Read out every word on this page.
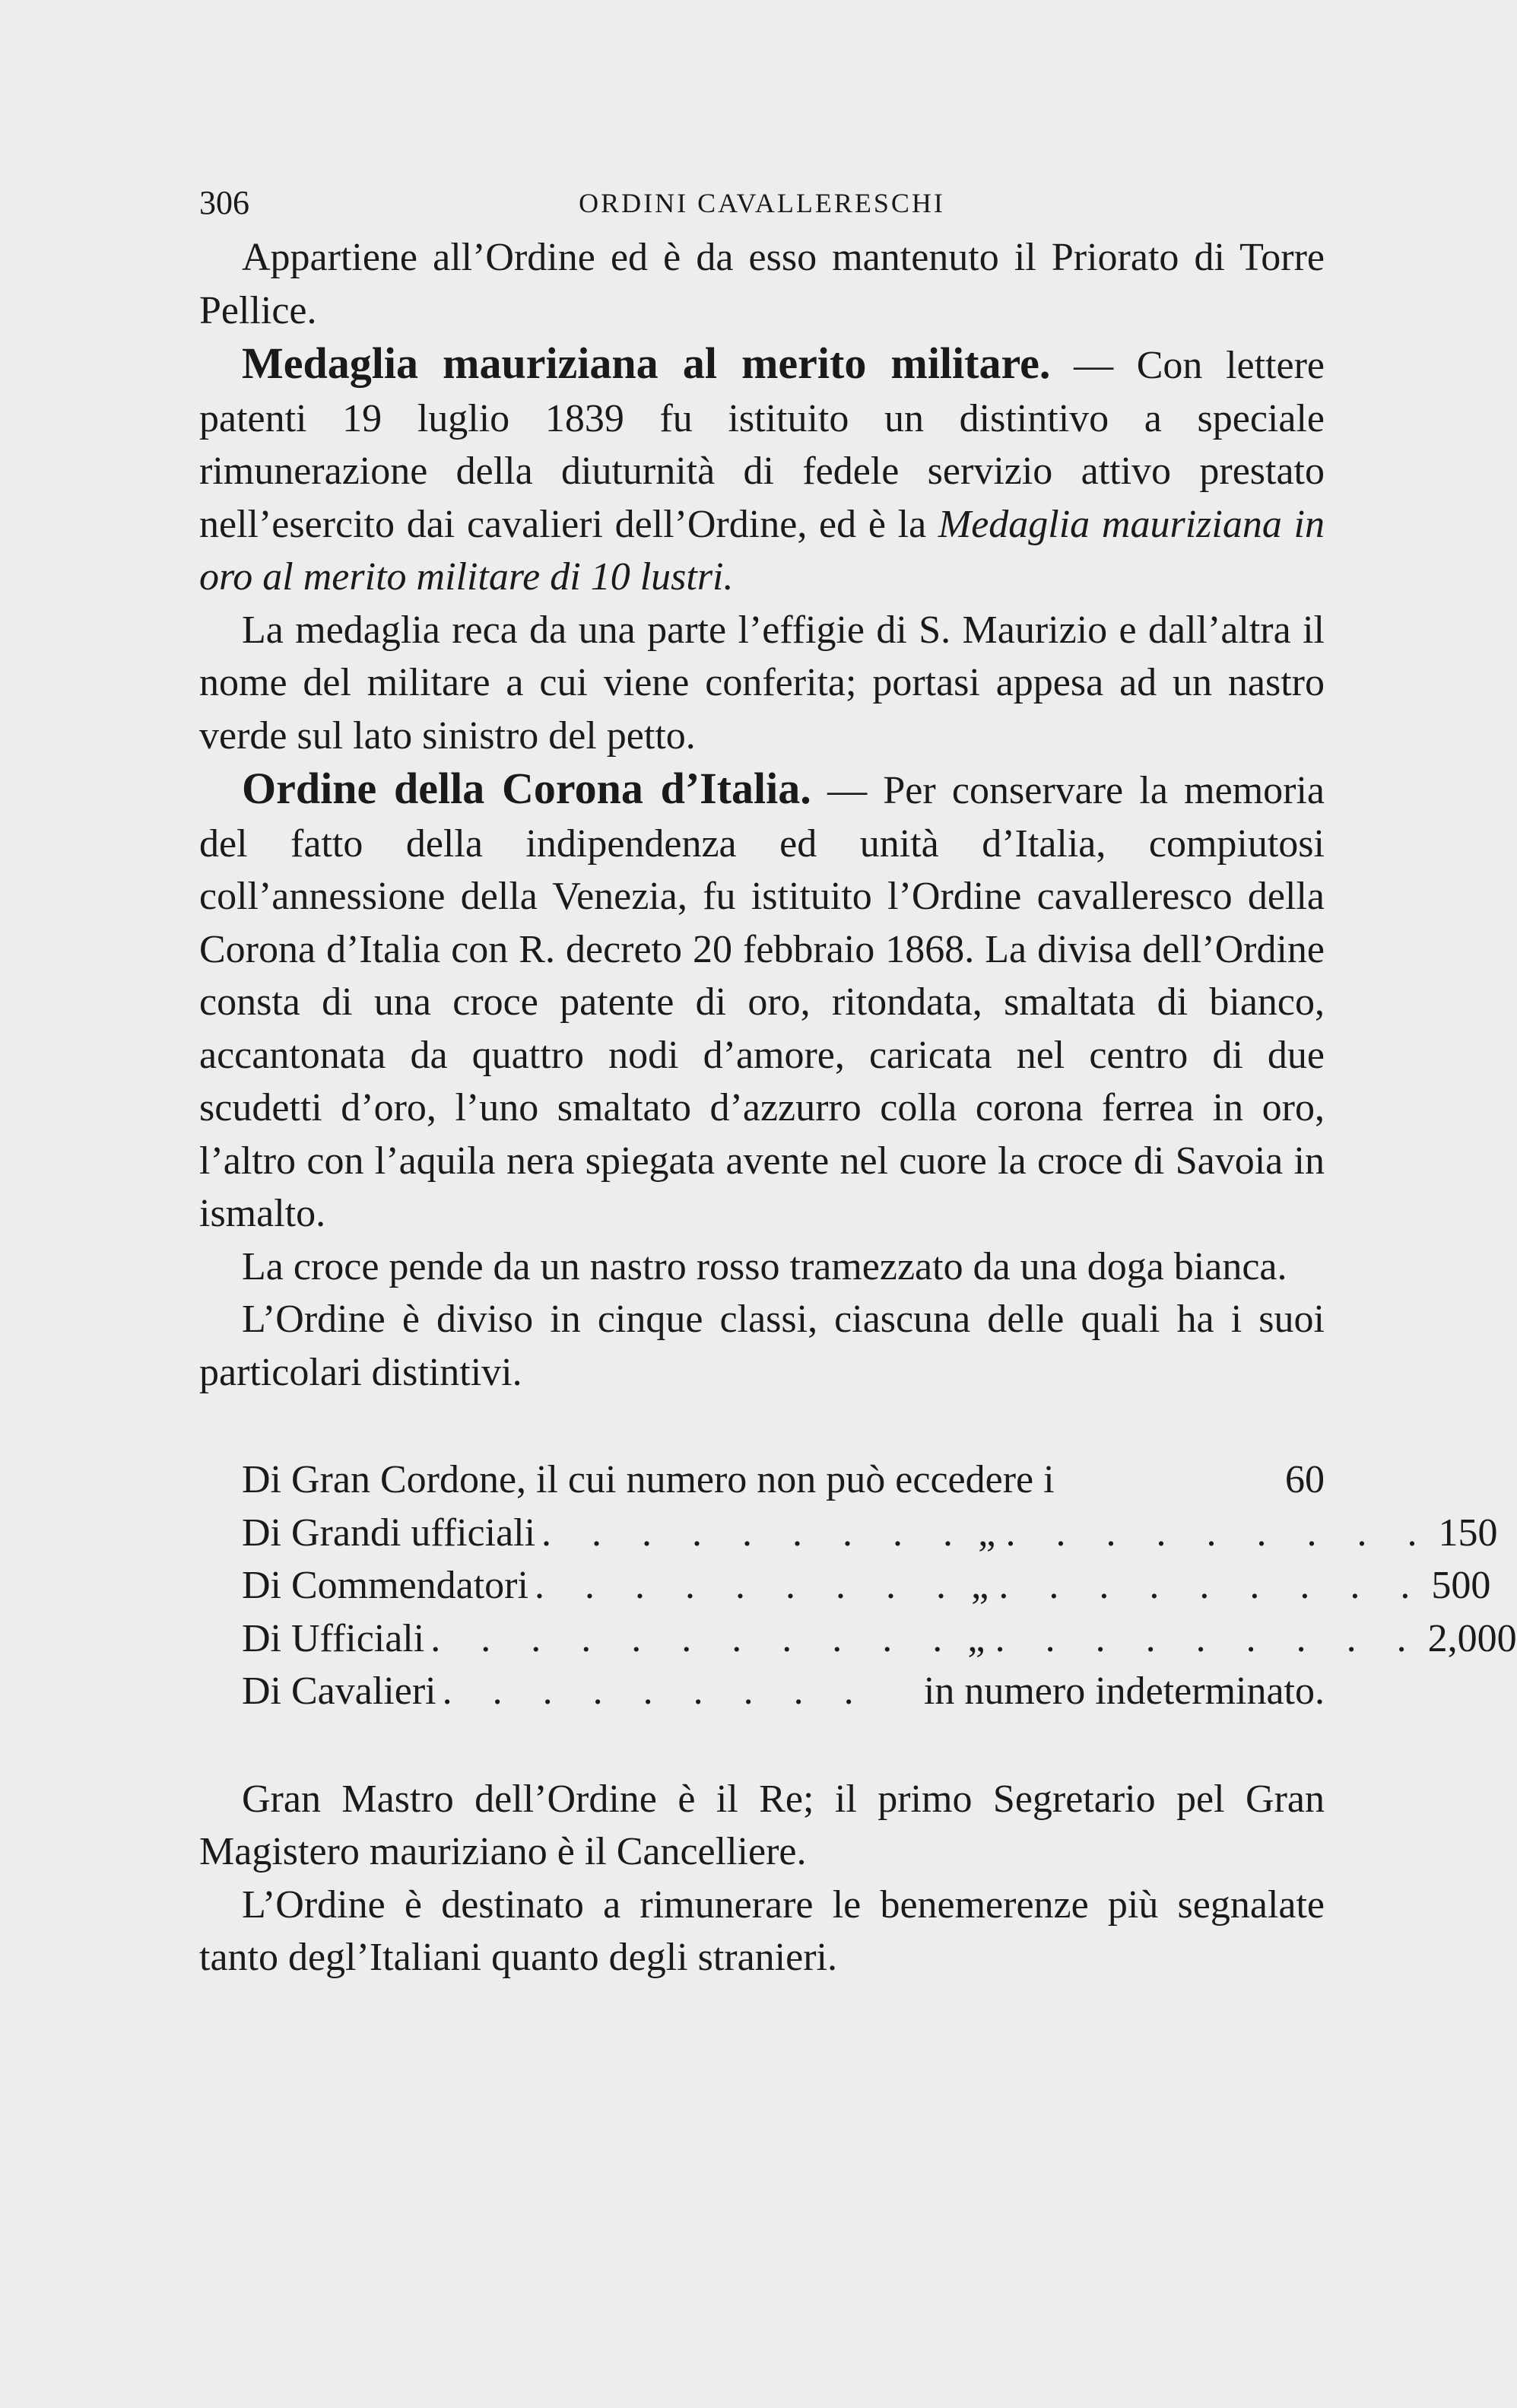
306	ORDINI CAVALLERESCHI

Appartiene all’Ordine ed è da esso mantenuto il Priorato di Torre Pellice.

Medaglia mauriziana al merito militare. — Con lettere patenti 19 luglio 1839 fu istituito un distintivo a speciale rimunerazione della diuturnità di fedele servizio attivo prestato nell’esercito dai cavalieri dell’Ordine, ed è la Medaglia mauriziana in oro al merito militare di 10 lustri.

La medaglia reca da una parte l’effigie di S. Maurizio e dall’altra il nome del militare a cui viene conferita; portasi appesa ad un nastro verde sul lato sinistro del petto.

Ordine della Corona d’Italia. — Per conservare la memoria del fatto della indipendenza ed unità d’Italia, compiutosi coll’annessione della Venezia, fu istituito l’Ordine cavalleresco della Corona d’Italia con R. decreto 20 febbraio 1868. La divisa dell’Ordine consta di una croce patente di oro, ritondata, smaltata di bianco, accantonata da quattro nodi d’amore, caricata nel centro di due scudetti d’oro, l’uno smaltato d’azzurro colla corona ferrea in oro, l’altro con l’aquila nera spiegata avente nel cuore la croce di Savoia in ismalto.

La croce pende da un nastro rosso tramezzato da una doga bianca.

L’Ordine è diviso in cinque classi, ciascuna delle quali ha i suoi particolari distintivi.

Di Gran Cordone, il cui numero non può eccedere i	60
Di Grandi ufficiali . . . . . . . . . „ . . . . . . . . . 150
Di Commendatori . . . . . . . . . „ . . . . . . . . . 500
Di Ufficiali . . . . . . . . . . . „ . . . . . . . . . 2,000
Di Cavalieri . . . . . . . . .	in numero indeterminato.

Gran Mastro dell’Ordine è il Re; il primo Segretario pel Gran Magistero mauriziano è il Cancelliere.

L’Ordine è destinato a rimunerare le benemerenze più segnalate tanto degl’Italiani quanto degli stranieri.
